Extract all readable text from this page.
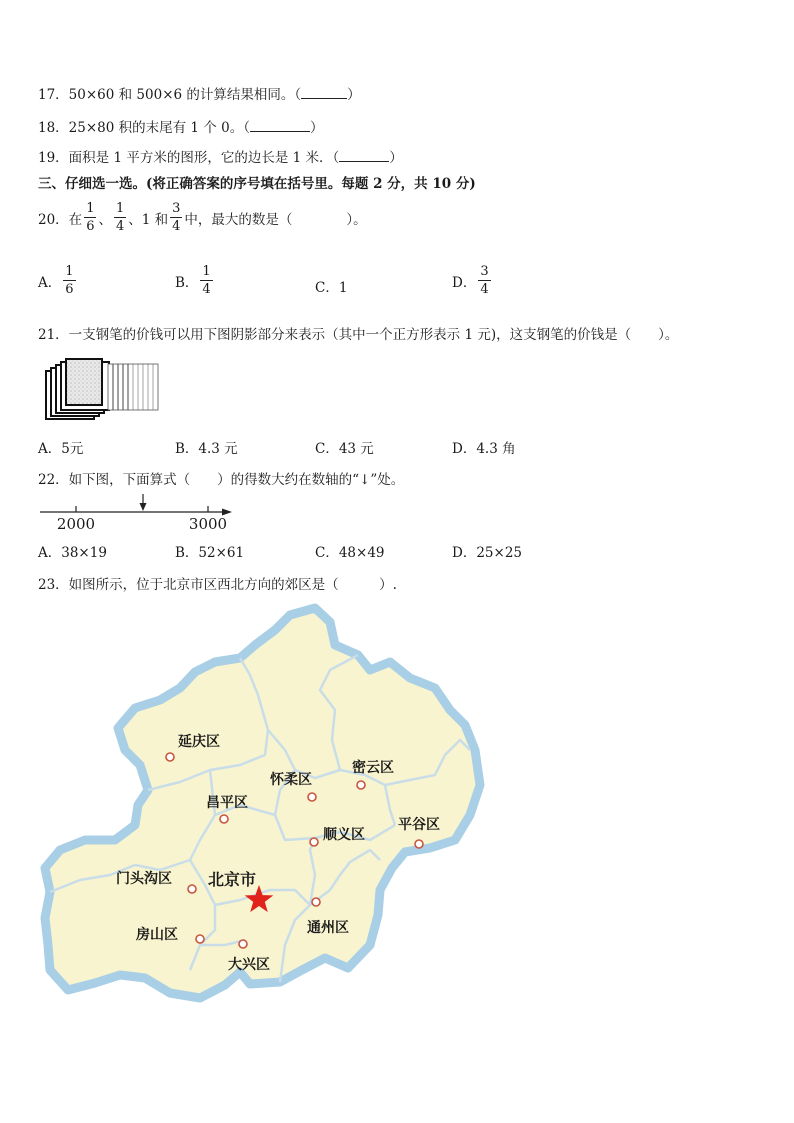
17．50×60 和 500×6 的计算结果相同。（	）
18．25×80 积的末尾有 1 个 0。（	）
19．面积是 1 平方米的图形，它的边长是 1 米．（	）
三、仔细选一选。(将正确答案的序号填在括号里。每题 2 分，共 10 分)
20．在 $\frac{1}{6}$ 、 $\frac{1}{4}$ 、1 和 $\frac{3}{4}$ 中，最大的数是（　　　　）。
A． $\frac{1}{6}$	B． $\frac{1}{4}$	C．1	D． $\frac{3}{4}$
21．一支钢笔的价钱可以用下图阴影部分来表示（其中一个正方形表示 1 元)，这支钢笔的价钱是（　　）。
A．5元	B．4.3 元	C．43 元	D．4.3 角
22．如下图，下面算式（　　）的得数大约在数轴的“↓”处。
2000	3000
A．38×19	B．52×61	C．48×49	D．25×25
23．如图所示，位于北京市区西北方向的郊区是（　　　）.
延庆区
怀柔区
密云区
昌平区
顺义区
平谷区
门头沟区 北京市
房山区	通州区
大兴区
